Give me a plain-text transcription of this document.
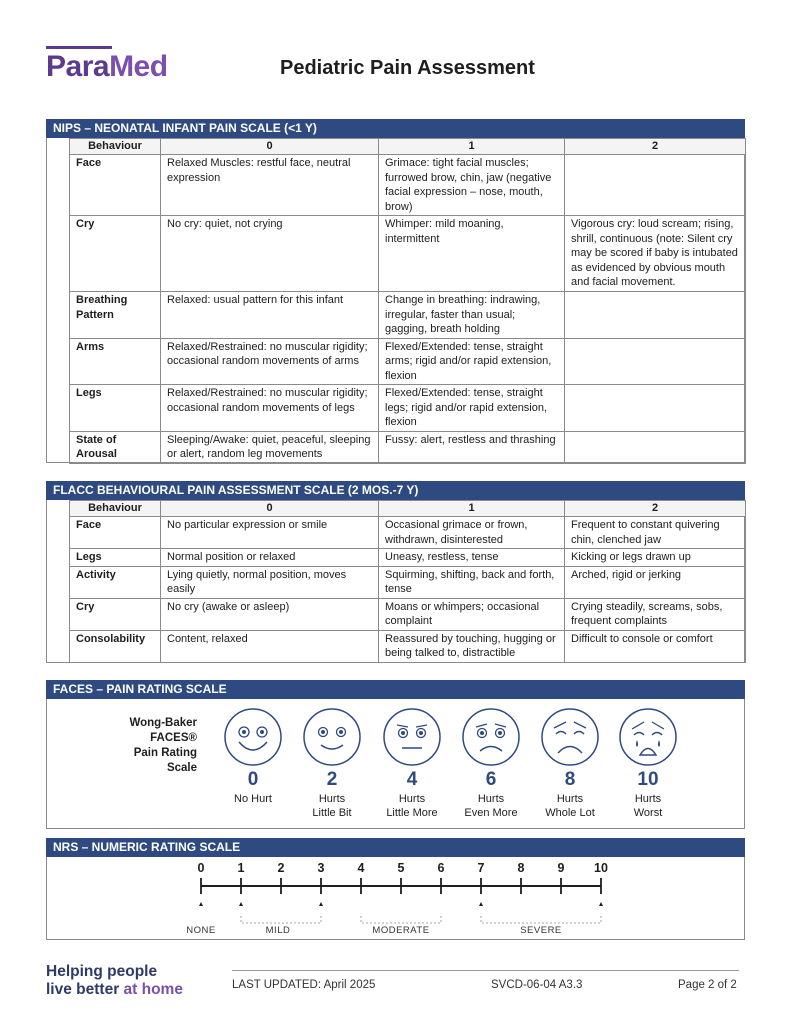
ParaMed	Pediatric Pain Assessment
NIPS – NEONATAL INFANT PAIN SCALE (<1 Y)
Behaviour	0	1	2
Face	Relaxed Muscles: restful face, neutral expression	Grimace: tight facial muscles; furrowed brow, chin, jaw (negative facial expression – nose, mouth, brow)	
Cry	No cry: quiet, not crying	Whimper: mild moaning, intermittent	Vigorous cry: loud scream; rising, shrill, continuous (note: Silent cry may be scored if baby is intubated as evidenced by obvious mouth and facial movement.
Breathing Pattern	Relaxed: usual pattern for this infant	Change in breathing: indrawing, irregular, faster than usual; gagging, breath holding	
Arms	Relaxed/Restrained: no muscular rigidity; occasional random movements of arms	Flexed/Extended: tense, straight arms; rigid and/or rapid extension, flexion	
Legs	Relaxed/Restrained: no muscular rigidity; occasional random movements of legs	Flexed/Extended: tense, straight legs; rigid and/or rapid extension, flexion	
State of Arousal	Sleeping/Awake: quiet, peaceful, sleeping or alert, random leg movements	Fussy: alert, restless and thrashing	
FLACC BEHAVIOURAL PAIN ASSESSMENT SCALE (2 MOS.-7 Y)
Behaviour	0	1	2
Face	No particular expression or smile	Occasional grimace or frown, withdrawn, disinterested	Frequent to constant quivering chin, clenched jaw
Legs	Normal position or relaxed	Uneasy, restless, tense	Kicking or legs drawn up
Activity	Lying quietly, normal position, moves easily	Squirming, shifting, back and forth, tense	Arched, rigid or jerking
Cry	No cry (awake or asleep)	Moans or whimpers; occasional complaint	Crying steadily, screams, sobs, frequent complaints
Consolability	Content, relaxed	Reassured by touching, hugging or being talked to, distractible	Difficult to console or comfort
FACES – PAIN RATING SCALE
Wong-Baker
FACES®
Pain Rating
Scale
0
No Hurt
2
Hurts
Little Bit
4
Hurts
Little More
6
Hurts
Even More
8
Hurts
Whole Lot
10
Hurts
Worst
NRS – NUMERIC RATING SCALE
0	1	2	3	4	5	6	7	8	9 10
NONE	MILD	MODERATE	SEVERE
Helping people
live better at home	LAST UPDATED: April 2025	SVCD-06-04 A3.3	Page 2 of 2
